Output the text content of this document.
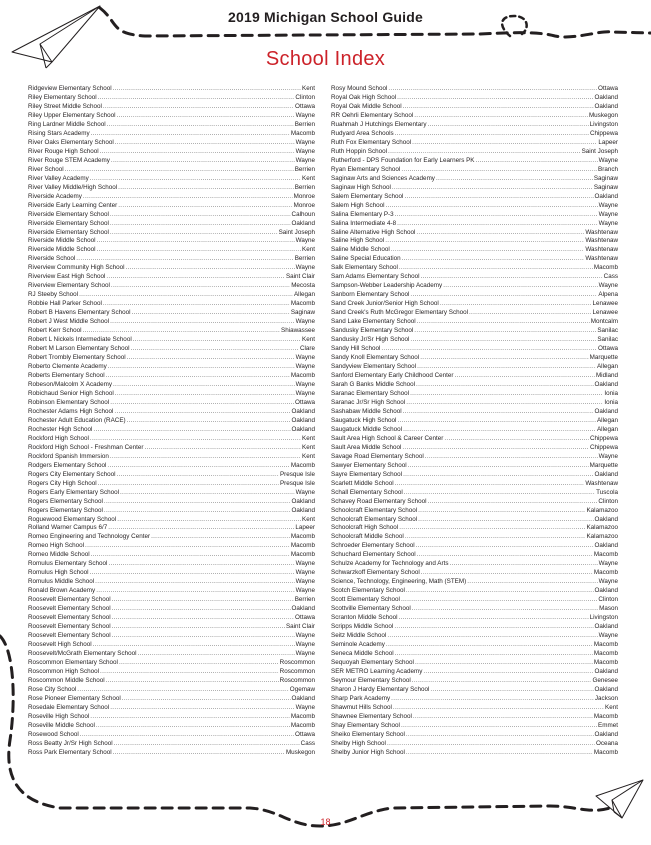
2019 Michigan School Guide
School Index
Ridgeview Elementary School .....	Kent
Riley Elementary School .....	Clinton
Riley Street Middle School .....	Ottawa
Riley Upper Elementary School .....	Wayne
Ring Lardner Middle School .....	Berrien
Rising Stars Academy .....	Macomb
River Oaks Elementary School .....	Wayne
River Rouge High School .....	Wayne
River Rouge STEM Academy .....	Wayne
River School .....	Berrien
River Valley Academy .....	Kent
River Valley Middle/High School .....	Berrien
Riverside Academy .....	Monroe
Riverside Early Learning Center .....	Monroe
Riverside Elementary School .....	Calhoun
Riverside Elementary School .....	Oakland
Riverside Elementary School .....	Saint Joseph
Riverside Middle School .....	Wayne
Riverside Middle School .....	Kent
Riverside School .....	Berrien
Riverview Community High School .....	Wayne
Riverview East High School .....	Saint Clair
Riverview Elementary School .....	Mecosta
RJ Steeby School .....	Allegan
Robbie Hall Parker School .....	Macomb
Robert B Havens Elementary School .....	Saginaw
Robert J West Middle School .....	Wayne
Robert Kerr School .....	Shiawassee
Robert L Nickels Intermediate School .....	Kent
Robert M Larson Elementary School .....	Clare
Robert Trombly Elementary School .....	Wayne
Roberto Clemente Academy .....	Wayne
Roberts Elementary School .....	Macomb
Robeson/Malcolm X Academy .....	Wayne
Robichaud Senior High School .....	Wayne
Robinson Elementary School .....	Ottawa
Rochester Adams High School .....	Oakland
Rochester Adult Education (RACE) .....	Oakland
Rochester High School .....	Oakland
Rockford High School .....	Kent
Rockford High School - Freshman Center .....	Kent
Rockford Spanish Immersion .....	Kent
Rodgers Elementary School .....	Macomb
Rogers City Elementary School .....	Presque Isle
Rogers City High School .....	Presque Isle
Rogers Early Elementary School .....	Wayne
Rogers Elementary School .....	Oakland
Rogers Elementary School .....	Oakland
Roguewood Elementary School .....	Kent
Rolland Warner Campus 6/7 .....	Lapeer
Romeo Engineering and Technology Center .....	Macomb
Romeo High School .....	Macomb
Romeo Middle School .....	Macomb
Romulus Elementary School .....	Wayne
Romulus High School .....	Wayne
Romulus Middle School .....	Wayne
Ronald Brown Academy .....	Wayne
Roosevelt Elementary School .....	Berrien
Roosevelt Elementary School .....	Oakland
Roosevelt Elementary School .....	Ottawa
Roosevelt Elementary School .....	Saint Clair
Roosevelt Elementary School .....	Wayne
Roosevelt High School .....	Wayne
Roosevelt/McGrath Elementary School .....	Wayne
Roscommon Elementary School .....	Roscommon
Roscommon High School .....	Roscommon
Roscommon Middle School .....	Roscommon
Rose City School .....	Ogemaw
Rose Pioneer Elementary School .....	Oakland
Rosedale Elementary School .....	Wayne
Roseville High School .....	Macomb
Roseville Middle School .....	Macomb
Rosewood School .....	Ottawa
Ross Beatty Jr/Sr High School .....	Cass
Ross Park Elementary School .....	Muskegon
Rosy Mound School .....	Ottawa
Royal Oak High School .....	Oakland
Royal Oak Middle School .....	Oakland
RR Oehrli Elementary School .....	Muskegon
Ruahmah J Hutchings Elementary .....	Livingston
Rudyard Area Schools .....	Chippewa
Ruth Fox Elementary School .....	Lapeer
Ruth Hoppin School .....	Saint Joseph
Rutherford - DPS Foundation for Early Learners PK .....	Wayne
Ryan Elementary School .....	Branch
Saginaw Arts and Sciences Academy .....	Saginaw
Saginaw High School .....	Saginaw
Salem Elementary School .....	Oakland
Salem High School .....	Wayne
Salina Elementary P-3 .....	Wayne
Salina Intermediate 4-8 .....	Wayne
Saline Alternative High School .....	Washtenaw
Saline High School .....	Washtenaw
Saline Middle School .....	Washtenaw
Saline Special Education .....	Washtenaw
Salk Elementary School .....	Macomb
Sam Adams Elementary School .....	Cass
Sampson-Webber Leadership Academy .....	Wayne
Sanborn Elementary School .....	Alpena
Sand Creek Junior/Senior High School .....	Lenawee
Sand Creek's Ruth McGregor Elementary School .....	Lenawee
Sand Lake Elementary School .....	Montcalm
Sandusky Elementary School .....	Sanilac
Sandusky Jr/Sr High School .....	Sanilac
Sandy Hill School .....	Ottawa
Sandy Knoll Elementary School .....	Marquette
Sandyview Elementary School .....	Allegan
Sanford Elementary Early Childhood Center .....	Midland
Sarah G Banks Middle School .....	Oakland
Saranac Elementary School .....	Ionia
Saranac Jr/Sr High School .....	Ionia
Sashabaw Middle School .....	Oakland
Saugatuck High School .....	Allegan
Saugatuck Middle School .....	Allegan
Sault Area High School & Career Center .....	Chippewa
Sault Area Middle School .....	Chippewa
Savage Road Elementary School .....	Wayne
Sawyer Elementary School .....	Marquette
Sayre Elementary School .....	Oakland
Scarlett Middle School .....	Washtenaw
Schall Elementary School .....	Tuscola
Schavey Road Elementary School .....	Clinton
Schoolcraft Elementary School .....	Kalamazoo
Schoolcraft Elementary School .....	Oakland
Schoolcraft High School .....	Kalamazoo
Schoolcraft Middle School .....	Kalamazoo
Schroeder Elementary School .....	Oakland
Schuchard Elementary School .....	Macomb
Schulze Academy for Technology and Arts .....	Wayne
Schwarzkoff Elementary School .....	Macomb
Science, Technology, Engineering, Math (STEM) .....	Wayne
Scotch Elementary School .....	Oakland
Scott Elementary School .....	Clinton
Scottville Elementary School .....	Mason
Scranton Middle School .....	Livingston
Scripps Middle School .....	Oakland
Seitz Middle School .....	Wayne
Seminole Academy .....	Macomb
Seneca Middle School .....	Macomb
Sequoyah Elementary School .....	Macomb
SER METRO Learning Academy .....	Oakland
Seymour Elementary School .....	Genesee
Sharon J Hardy Elementary School .....	Oakland
Sharp Park Academy .....	Jackson
Shawmut Hills School .....	Kent
Shawnee Elementary School .....	Macomb
Shay Elementary School .....	Emmet
Sheiko Elementary School .....	Oakland
Shelby High School .....	Oceana
Shelby Junior High School .....	Macomb
18
